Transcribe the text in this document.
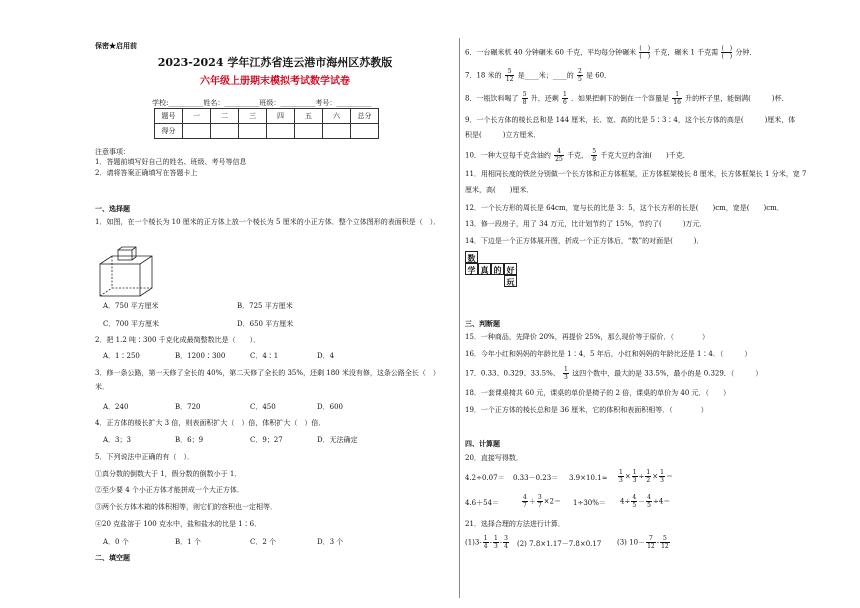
保密★启用前
2023-2024 学年江苏省连云港市海州区苏教版
六年级上册期末模拟考试数学试卷
学校:__________姓名：__________班级：__________考号：__________
题号	一	二	三	四	五	六	总分
得分							
注意事项：
1．答题前填写好自己的姓名、班级、考号等信息
2．请将答案正确填写在答题卡上
一、选择题
1．如图，在一个棱长为 10 厘米的正方体上放一个棱长为 5 厘米的小正方体．整个立体图形的表面积是（　）．
A．750 平方厘米	B．725 平方厘米
C．700 平方厘米	D．650 平方厘米
2．把 1.2 吨∶300 千克化成最简整数比是（　　）．
A．1∶250	B．1200∶300	C．4∶1	D．4
3．修一条公路，第一天修了全长的 40%，第二天修了全长的 35%，还剩 180 米没有修，这条公路全长（　）
米．
A．240	B．720	C．450	D．600
4．正方体的棱长扩大 3 倍，则表面积扩大（　）倍，体积扩大（　）倍．
A．3；3	B．6；9	C．9；27	D．无法确定
5．下列说法中正确的有（　）．
①真分数的倒数大于 1，假分数的倒数小于 1．
②至少要 4 个小正方体才能拼成一个大正方体．
③两个长方体木箱的体积相等，则它们的容积也一定相等．
④20 克盐溶于 100 克水中，盐和盐水的比是 1∶6．
A．0 个	B．1 个	C．2 个	D．3 个
二、填空题
6．一台碾米机 40 分钟碾米 60 千克，平均每分钟碾米 (　)
(　) 千克，碾米 1 千克需 (　)
(　) 分钟．
7．18 米的 $\frac{5}{12}$ 是____米；____的 $\frac{2}{5}$ 是 60．
8．一瓶饮料喝了 $\frac{5}{8}$ 升，还剩 $\frac{1}{6}$ ．如果把剩下的倒在一个容量是 $\frac{1}{16}$ 升的杯子里，能倒满(　　　)杯．
9．一个长方体的棱长总和是 144 厘米，长、宽、高的比是 5∶3∶4，这个长方体的高是(　　　)厘米，体
积是(　　　)立方厘米．
10．一种大豆每千克含油约 $\frac{4}{25}$ 千克， $\frac{5}{8}$ 千克大豆约含油(　　)千克．
11．用相同长度的铁丝分别做一个长方体和正方体框架，正方体框架棱长 8 厘米，长方体框架长 1 分米，宽 7
厘米，高(　　)厘米．
12．一个长方形的周长是 64cm，宽与长的比是 3：5，这个长方形的长是(　　)cm，宽是(　　)cm．
13．修一段房子，用了 34 万元，比计划节约了 15%，节约了(　　　)万元．
14．下边是一个正方体展开图，折成一个正方体后，“数”的对面是(　　　)．
数
学 真 的 好
玩
三、判断题
15．一种商品，先降价 20%，再提价 25%，那么现价等于原价．（　　　　）
16．今年小红和妈妈的年龄比是 1∶4，5 年后，小红和妈妈的年龄比还是 1∶4．（　　　）
17．0.33、0.329、33.5%、 $\frac{1}{3}$ 这四个数中，最大的是 33.5%，最小的是 0.329．（　　　）
18．一套课桌椅共 60 元，课桌的单价是椅子的 2 倍，课桌的单价为 40 元．（　　）
19．一个正方体的棱长总和是 36 厘米，它的体积和表面积相等．（　　　　）
四、计算题
20．直接写得数．
$4.2\div 0.07= 0.33-0.23= 3.9\times 10.1\approx \frac{1}{3} \times \frac{1}{3} \div \frac{1}{2} \times \frac{1}{3}$ ＝
4.6＋54＝	$\frac{4}{7} + \frac{3}{7} \times 2= 1\div 30\%= 4\div \frac{4}{5} - \frac{4}{5} \div 4=$
21．选择合理的方法进行计算．
$(1)3- \frac{1}{4} - \frac{1}{3} - \frac{3}{4} (2)$ 7.8×1.17－7.8×0.17 (3) $10- \frac{7}{12} - \frac{5}{12}$
